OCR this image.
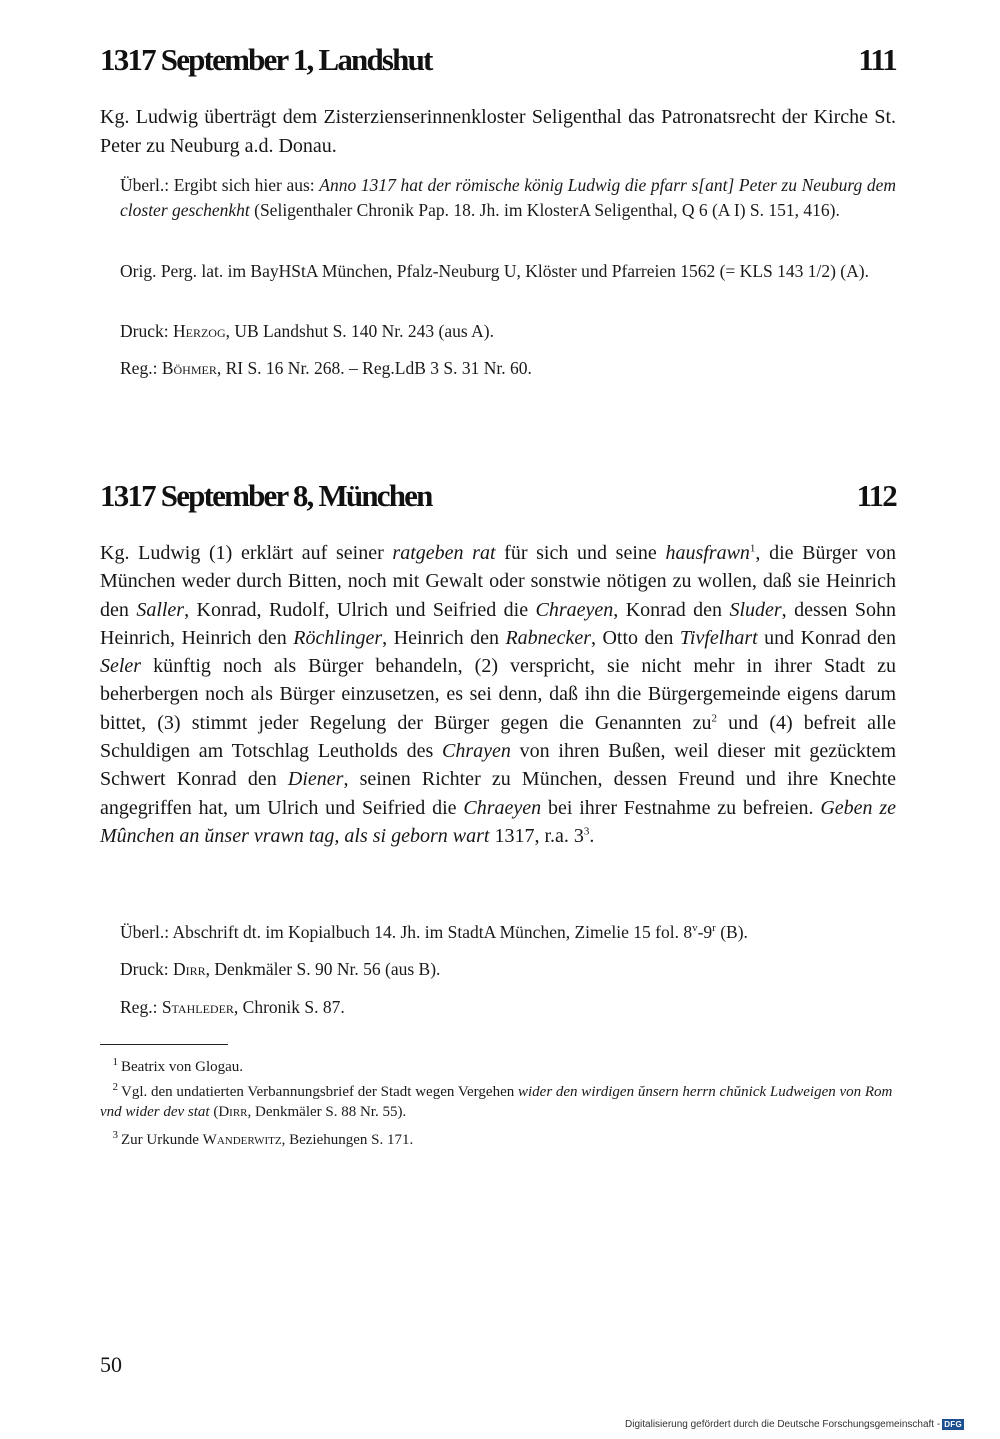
1317 September 1, Landshut	111
Kg. Ludwig überträgt dem Zisterzienserinnenkloster Seligenthal das Patronatsrecht der Kirche St. Peter zu Neuburg a.d. Donau.
Überl.: Ergibt sich hier aus: Anno 1317 hat der römische könig Ludwig die pfarr s[ant] Peter zu Neuburg dem closter geschenkht (Seligenthaler Chronik Pap. 18. Jh. im KlosterA Seligenthal, Q 6 (A I) S. 151, 416).
Orig. Perg. lat. im BayHStA München, Pfalz-Neuburg U, Klöster und Pfarreien 1562 (= KLS 143 1/2) (A).
Druck: Herzog, UB Landshut S. 140 Nr. 243 (aus A).
Reg.: Böhmer, RI S. 16 Nr. 268. – Reg.LdB 3 S. 31 Nr. 60.
1317 September 8, München	112
Kg. Ludwig (1) erklärt auf seiner ratgeben rat für sich und seine hausfrawn$^1$, die Bürger von München weder durch Bitten, noch mit Gewalt oder sonstwie nötigen zu wollen, daß sie Heinrich den Saller, Konrad, Rudolf, Ulrich und Seifried die Chraeyen, Konrad den Sluder, dessen Sohn Heinrich, Heinrich den Röchlinger, Heinrich den Rabnecker, Otto den Tivfelhart und Konrad den Seler künftig noch als Bürger behandeln, (2) verspricht, sie nicht mehr in ihrer Stadt zu beherbergen noch als Bürger einzusetzen, es sei denn, daß ihn die Bürgergemeinde eigens darum bittet, (3) stimmt jeder Regelung der Bürger gegen die Genannten $zu^2$ und (4) befreit alle Schuldigen am Totschlag Leutholds des Chrayen von ihren Bußen, weil dieser mit gezücktem Schwert Konrad den Diener, seinen Richter zu München, dessen Freund und ihre Knechte angegriffen hat, um Ulrich und Seifried die Chraeyen bei ihrer Festnahme zu befreien. Geben ze Mûnchen an ŭnser vrawn tag, als si geborn wart 1317, r.a. $3^3$.
Überl.: Abschrift dt. im Kopialbuch 14. Jh. im StadtA München, Zimelie 15 fol. 8$^v$-9$^r$ (B).
Druck: Dirr, Denkmäler S. 90 Nr. 56 (aus B).
Reg.: Stahleder, Chronik S. 87.
$^1$ Beatrix von Glogau.
$^2$ Vgl. den undatierten Verbannungsbrief der Stadt wegen Vergehen wider den wirdigen ŭnsern herrn chŭnick Ludweigen von Rom vnd wider dev stat (Dirr, Denkmäler S. 88 Nr. 55).
$^3$ Zur Urkunde Wanderwitz, Beziehungen S. 171.
50
Digitalisierung gefördert durch die Deutsche Forschungsgemeinschaft - DFG
